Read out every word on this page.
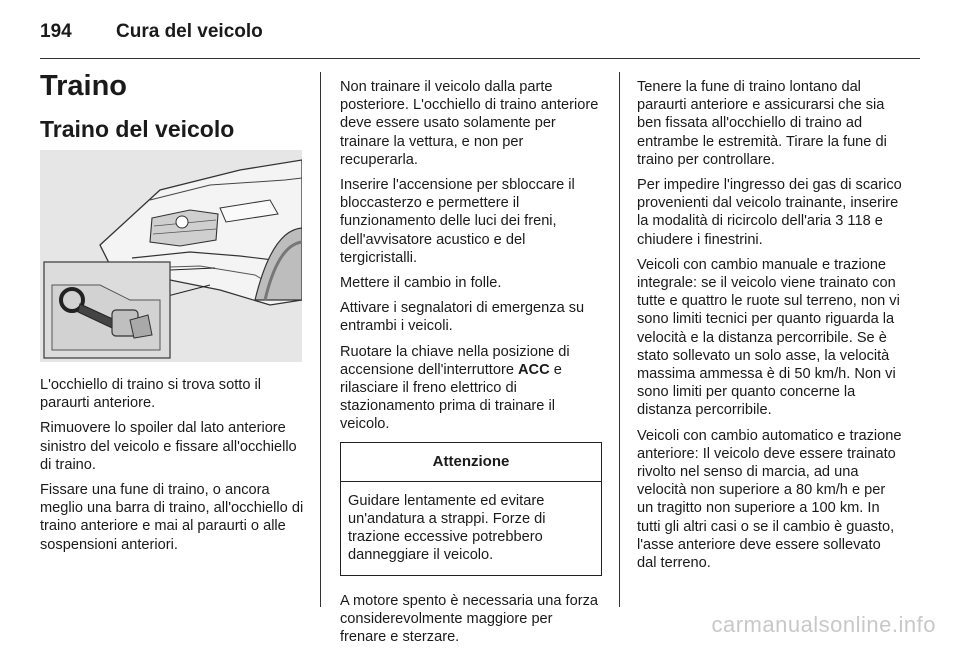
194 Cura del veicolo
Traino
Traino del veicolo

L'occhiello di traino si trova sotto il paraurti anteriore.

Rimuovere lo spoiler dal lato anteriore sinistro del veicolo e fissare all'occhiello di traino.

Fissare una fune di traino, o ancora meglio una barra di traino, all'occhiello di traino anteriore e mai al paraurti o alle sospensioni anteriori.

Non trainare il veicolo dalla parte posteriore. L'occhiello di traino anteriore deve essere usato solamente per trainare la vettura, e non per recuperarla.

Inserire l'accensione per sbloccare il bloccasterzo e permettere il funzionamento delle luci dei freni, dell'avvisatore acustico e del tergicristalli.

Mettere il cambio in folle.

Attivare i segnalatori di emergenza su entrambi i veicoli.

Ruotare la chiave nella posizione di accensione dell'interruttore ACC e rilasciare il freno elettrico di stazionamento prima di trainare il veicolo.

Attenzione
Guidare lentamente ed evitare un'andatura a strappi. Forze di trazione eccessive potrebbero danneggiare il veicolo.

A motore spento è necessaria una forza considerevolmente maggiore per frenare e sterzare.

Tenere la fune di traino lontano dal paraurti anteriore e assicurarsi che sia ben fissata all'occhiello di traino ad entrambe le estremità. Tirare la fune di traino per controllare.

Per impedire l'ingresso dei gas di scarico provenienti dal veicolo trainante, inserire la modalità di ricircolo dell'aria 3 118 e chiudere i finestrini.

Veicoli con cambio manuale e trazione integrale: se il veicolo viene trainato con tutte e quattro le ruote sul terreno, non vi sono limiti tecnici per quanto riguarda la velocità e la distanza percorribile. Se è stato sollevato un solo asse, la velocità massima ammessa è di 50 km/h. Non vi sono limiti per quanto concerne la distanza percorribile.

Veicoli con cambio automatico e trazione anteriore: Il veicolo deve essere trainato rivolto nel senso di marcia, ad una velocità non superiore a 80 km/h e per un tragitto non superiore a 100 km. In tutti gli altri casi o se il cambio è guasto, l'asse anteriore deve essere sollevato dal terreno.

carmanualsonline.info
